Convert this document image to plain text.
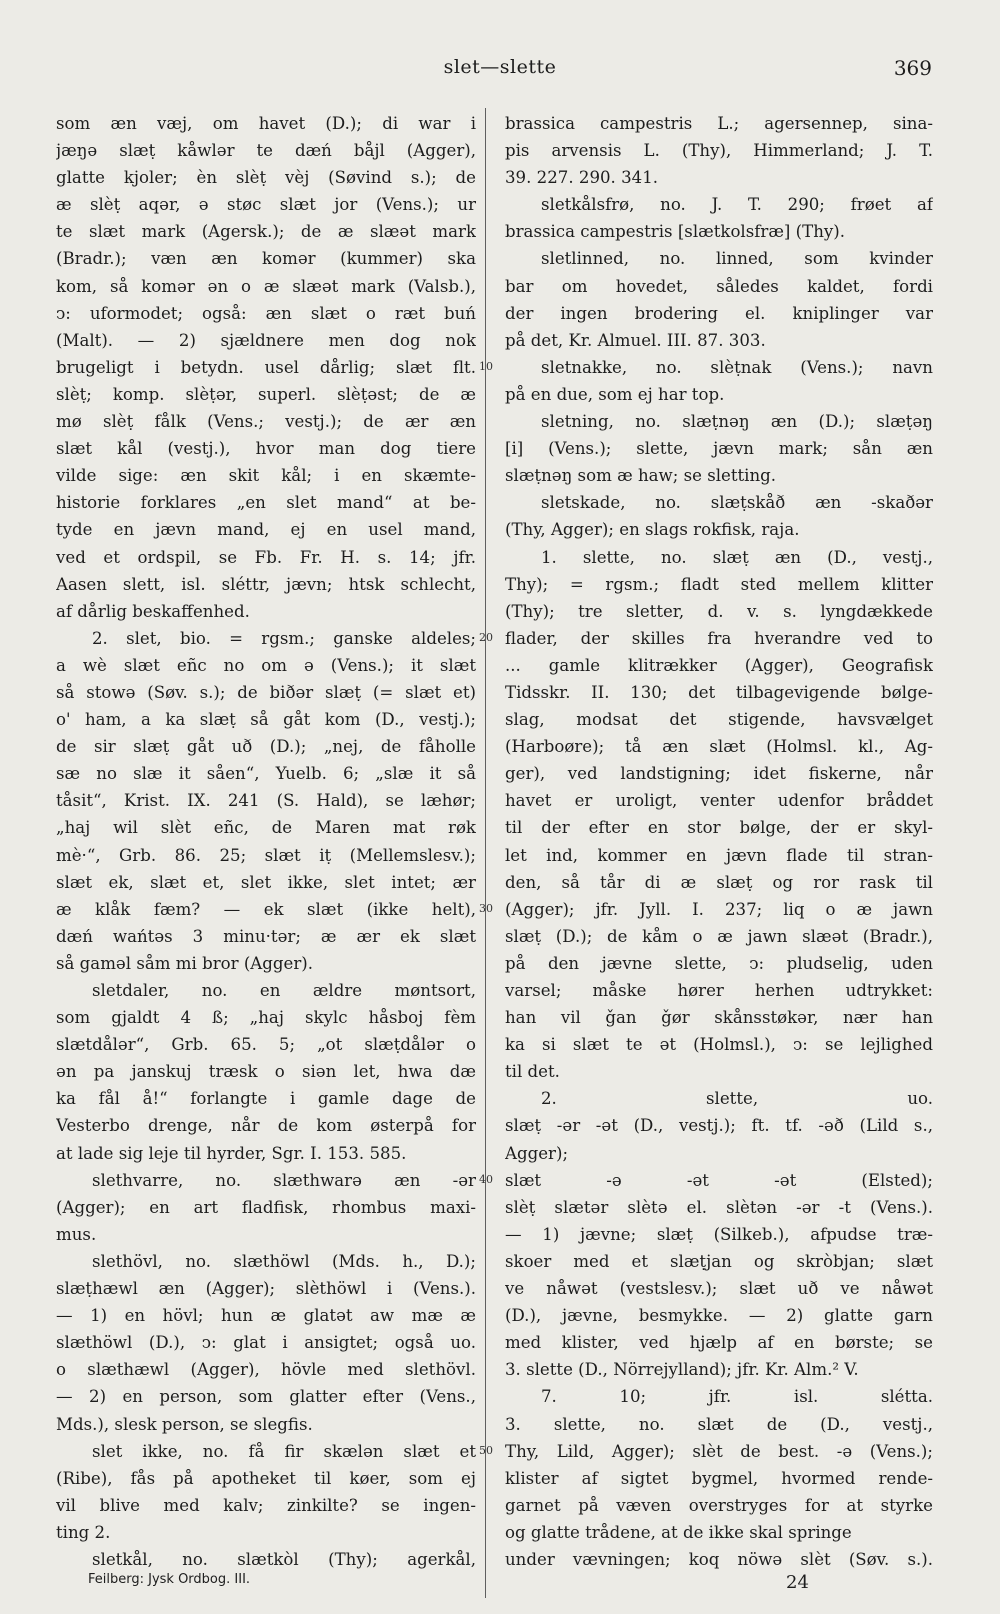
slet—slette	369
som æn væj, om havet (D.); di war i
jæŋə slæṭ kåwlər te dæń båjl (Agger),
glatte kjoler; èn slèṭ vèj (Søvind s.); de
æ slèṭ aqər, ə støc slæt jor (Vens.); ur
te slæt mark (Agersk.); de æ slæət mark
(Bradr.); væn æn komər (kummer) ska
kom, så komər ən o æ slæət mark (Valsb.),
ↄ: uformodet; også: æn slæt o ræt buń
(Malt). — 2) sjældnere men dog nok
brugeligt i betydn. usel dårlig; slæt flt.
slèṭ; komp. slèṭər, superl. slèṭəst; de æ
mø slèṭ fålk (Vens.; vestj.); de ær æn
slæt kål (vestj.), hvor man dog tiere
vilde sige: æn skit kål; i en skæmte-
historie forklares „en slet mand“ at be-
tyde en jævn mand, ej en usel mand,
ved et ordspil, se Fb. Fr. H. s. 14; jfr.
Aasen slett, isl. sléttr, jævn; htsk schlecht,
af dårlig beskaffenhed.
2. slet, bio. = rgsm.; ganske aldeles;
a wè slæt eñc no om ə (Vens.); it slæt
så stowə (Søv. s.); de biðər slæṭ (= slæt et)
o' ham, a ka slæṭ så gåt kom (D., vestj.);
de sir slæṭ gåt uð (D.); „nej, de fåholle
sæ no slæ it såen“, Yuelb. 6; „slæ it så
tåsit“, Krist. IX. 241 (S. Hald), se læhør;
„haj wil slèt eñc, de Maren mat røk
mè·“, Grb. 86. 25; slæt iṭ (Mellemslesv.);
slæt ek, slæt et, slet ikke, slet intet; ær
æ klåk fæm? — ek slæt (ikke helt),
dæń wańtəs 3 minu·tər; æ ær ek slæt
så gaməl såm mi bror (Agger).
sletdaler, no. en ældre møntsort,
som gjaldt 4 ß; „haj skylc håsboj fèm
slætdålər“, Grb. 65. 5; „ot slæṭdålər o
ən pa janskuj træsk o siən let, hwa dæ
ka fål å!“ forlangte i gamle dage de
Vesterbo drenge, når de kom østerpå for
at lade sig leje til hyrder, Sgr. I. 153. 585.
slethvarre, no. slæthwarə æn -ər
(Agger); en art fladfisk, rhombus maxi-
mus.
slethövl, no. slæthöwl (Mds. h., D.);
slæṭhæwl æn (Agger); slèthöwl i (Vens.).
— 1) en hövl; hun æ glatət aw mæ æ
slæthöwl (D.), ↄ: glat i ansigtet; også uo.
o slæthæwl (Agger), hövle med slethövl.
— 2) en person, som glatter efter (Vens.,
Mds.), slesk person, se slegfis.
slet ikke, no. få fir skælən slæt et
(Ribe), fås på apotheket til køer, som ej
vil blive med kalv; zinkilte? se ingen-
ting 2.
sletkål, no. slætkòl (Thy); agerkål,
brassica campestris L.; agersennep, sina-
pis arvensis L. (Thy), Himmerland; J. T.
39. 227. 290. 341.
sletkålsfrø, no. J. T. 290; frøet af
brassica campestris [slætkolsfræ] (Thy).
sletlinned, no. linned, som kvinder
bar om hovedet, således kaldet, fordi
der ingen brodering el. kniplinger var
på det, Kr. Almuel. III. 87. 303.
sletnakke, no. slèṭnak (Vens.); navn
på en due, som ej har top.
sletning, no. slæṭnəŋ æn (D.); slæṭəŋ
[i] (Vens.); slette, jævn mark; sån æn
slæṭnəŋ som æ haw; se sletting.
sletskade, no. slæṭskåð æn -skaðər
(Thy, Agger); en slags rokfisk, raja.
1. slette, no. slæṭ æn (D., vestj.,
Thy); = rgsm.; fladt sted mellem klitter
(Thy); tre sletter, d. v. s. lyngdækkede
flader, der skilles fra hverandre ved to
... gamle klitrækker (Agger), Geografisk
Tidsskr. II. 130; det tilbagevigende bølge-
slag, modsat det stigende, havsvælget
(Harboøre); tå æn slæt (Holmsl. kl., Ag-
ger), ved landstigning; idet fiskerne, når
havet er uroligt, venter udenfor bråddet
til der efter en stor bølge, der er skyl-
let ind, kommer en jævn flade til stran-
den, så tår di æ slæṭ og ror rask til
(Agger); jfr. Jyll. I. 237; liq o æ jawn
slæṭ (D.); de kåm o æ jawn slæət (Bradr.),
på den jævne slette, ↄ: pludselig, uden
varsel; måske hører herhen udtrykket:
han vil ǧan ǧør skånsstøkər, nær han
ka si slæt te ət (Holmsl.), ↄ: se lejlighed
til det.
2. slette, uo.
slæṭ -ər -ət (D., vestj.); ft. tf. -əð (Lild s.,
Agger);
slæt -ə -ət -ət (Elsted);
slèṭ slætər slètə el. slètən -ər -t (Vens.).
— 1) jævne; slæṭ (Silkeb.), afpudse træ-
skoer med et slæṭjan og skròbjan; slæt
ve nåwət (vestslesv.); slæt uð ve nåwət
(D.), jævne, besmykke. — 2) glatte garn
med klister, ved hjælp af en børste; se
3. slette (D., Nörrejylland); jfr. Kr. Alm.² V.
7. 10; jfr. isl. slétta.
3. slette, no. slæt de (D., vestj.,
Thy, Lild, Agger); slèt de best. -ə (Vens.);
klister af sigtet bygmel, hvormed rende-
garnet på væven overstryges for at styrke
og glatte trådene, at de ikke skal springe
under vævningen; koq nöwə slèt (Søv. s.).
10
20
30
40
50
Feilberg: Jysk Ordbog. III.	24
